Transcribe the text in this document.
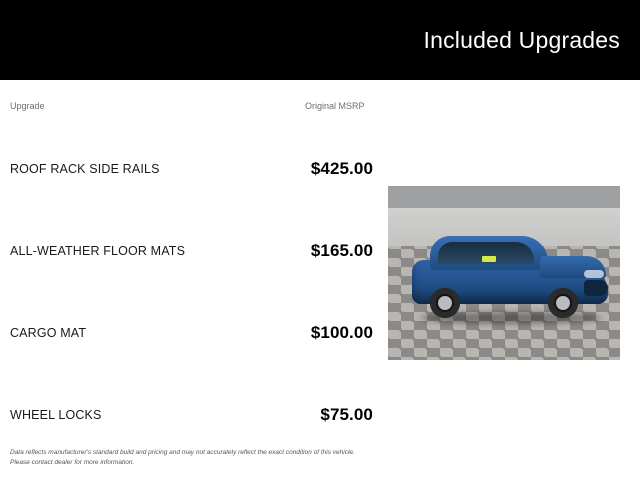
Included Upgrades
Upgrade	Original MSRP
ROOF RACK SIDE RAILS	$425.00
ALL-WEATHER FLOOR MATS	$165.00
CARGO MAT	$100.00
WHEEL LOCKS	$75.00
Data reflects manufacturer's standard build and pricing and may not accurately reflect the exact condition of this vehicle.
Please contact dealer for more information.
